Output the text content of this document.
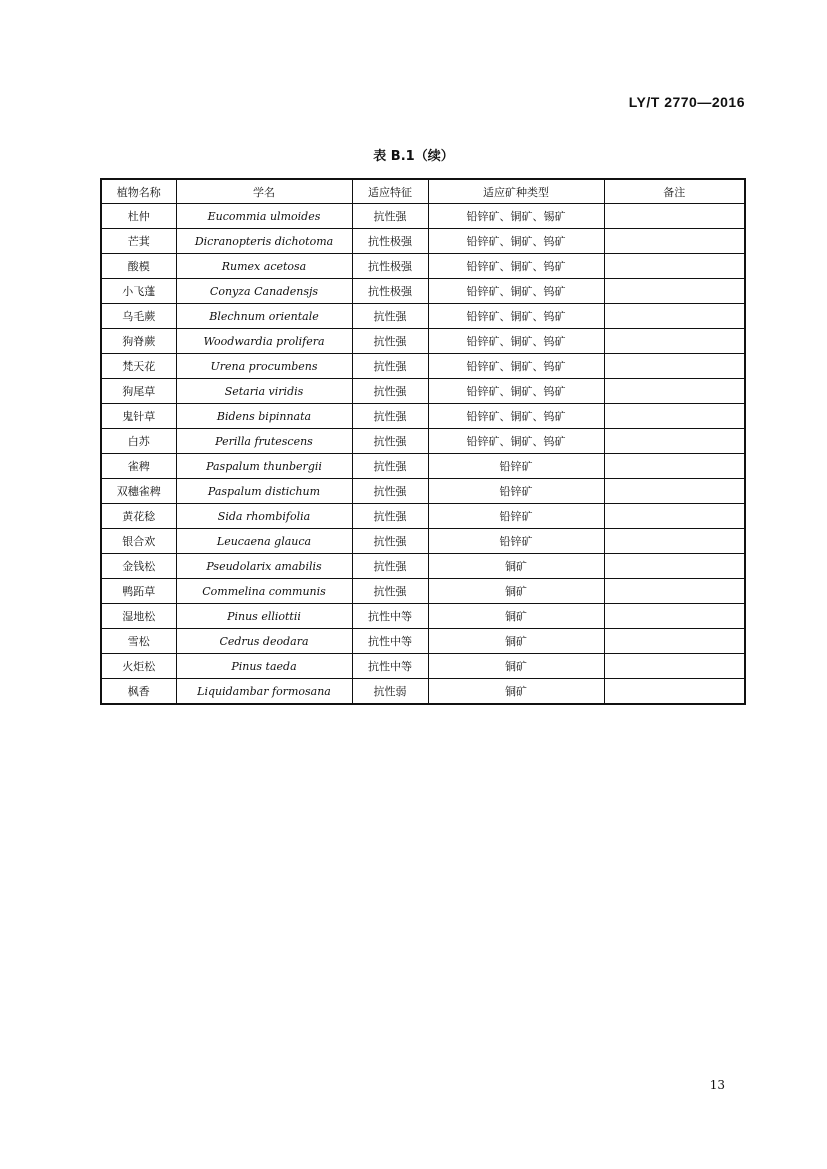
LY/T 2770—2016
表 B.1（续）
植物名称	学名	适应特征	适应矿种类型	备注
杜仲	Eucommia ulmoides	抗性强	铅锌矿、铜矿、锡矿	
芒萁	Dicranopteris dichotoma	抗性极强	铅锌矿、铜矿、钨矿	
酸模	Rumex acetosa	抗性极强	铅锌矿、铜矿、钨矿	
小飞蓬	Conyza Canadensjs	抗性极强	铅锌矿、铜矿、钨矿	
乌毛蕨	Blechnum orientale	抗性强	铅锌矿、铜矿、钨矿	
狗脊蕨	Woodwardia prolifera	抗性强	铅锌矿、铜矿、钨矿	
梵天花	Urena procumbens	抗性强	铅锌矿、铜矿、钨矿	
狗尾草	Setaria viridis	抗性强	铅锌矿、铜矿、钨矿	
鬼针草	Bidens bipinnata	抗性强	铅锌矿、铜矿、钨矿	
白苏	Perilla frutescens	抗性强	铅锌矿、铜矿、钨矿	
雀稗	Paspalum thunbergii	抗性强	铅锌矿	
双穗雀稗	Paspalum distichum	抗性强	铅锌矿	
黄花稔	Sida rhombifolia	抗性强	铅锌矿	
银合欢	Leucaena glauca	抗性强	铅锌矿	
金钱松	Pseudolarix amabilis	抗性强	铜矿	
鸭跖草	Commelina communis	抗性强	铜矿	
湿地松	Pinus elliottii	抗性中等	铜矿	
雪松	Cedrus deodara	抗性中等	铜矿	
火炬松	Pinus taeda	抗性中等	铜矿	
枫香	Liquidambar formosana	抗性弱	铜矿	
13
